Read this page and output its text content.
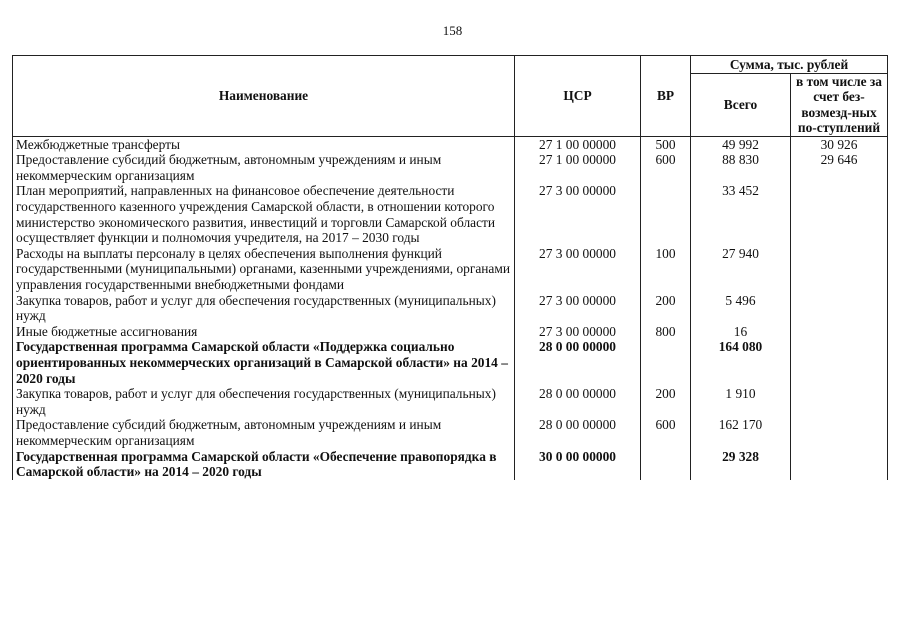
158
Наименование	ЦСР	ВР	Сумма, тыс. рублей	
			Всего	в том числе за счет без-возмезд-ных по-ступлений
Межбюджетные трансферты	27 1 00 00000	500	49 992	30 926
Предоставление субсидий бюджетным, автономным учреждениям и иным некоммерческим организациям	27 1 00 00000	600	88 830	29 646
План мероприятий, направленных на финансовое обеспечение деятельности государственного казенного учреждения Самарской области, в отношении которого министерство экономического развития, инвестиций и торговли Самарской области осуществляет функции и полномочия учредителя, на 2017 – 2030 годы	27 3 00 00000		33 452	
Расходы на выплаты персоналу в целях обеспечения выполнения функций государственными (муниципальными) органами, казенными учреждениями, органами управления государственными внебюджетными фондами	27 3 00 00000	100	27 940	
Закупка товаров, работ и услуг для обеспечения государственных (муниципальных) нужд	27 3 00 00000	200	5 496	
Иные бюджетные ассигнования	27 3 00 00000	800	16	
Государственная программа Самарской области «Поддержка социально ориентированных некоммерческих организаций в Самарской области» на 2014 – 2020 годы	28 0 00 00000		164 080	
Закупка товаров, работ и услуг для обеспечения государственных (муниципальных) нужд	28 0 00 00000	200	1 910	
Предоставление субсидий бюджетным, автономным учреждениям и иным некоммерческим организациям	28 0 00 00000	600	162 170	
Государственная программа Самарской области «Обеспечение правопорядка в Самарской области» на 2014 – 2020 годы	30 0 00 00000		29 328	
